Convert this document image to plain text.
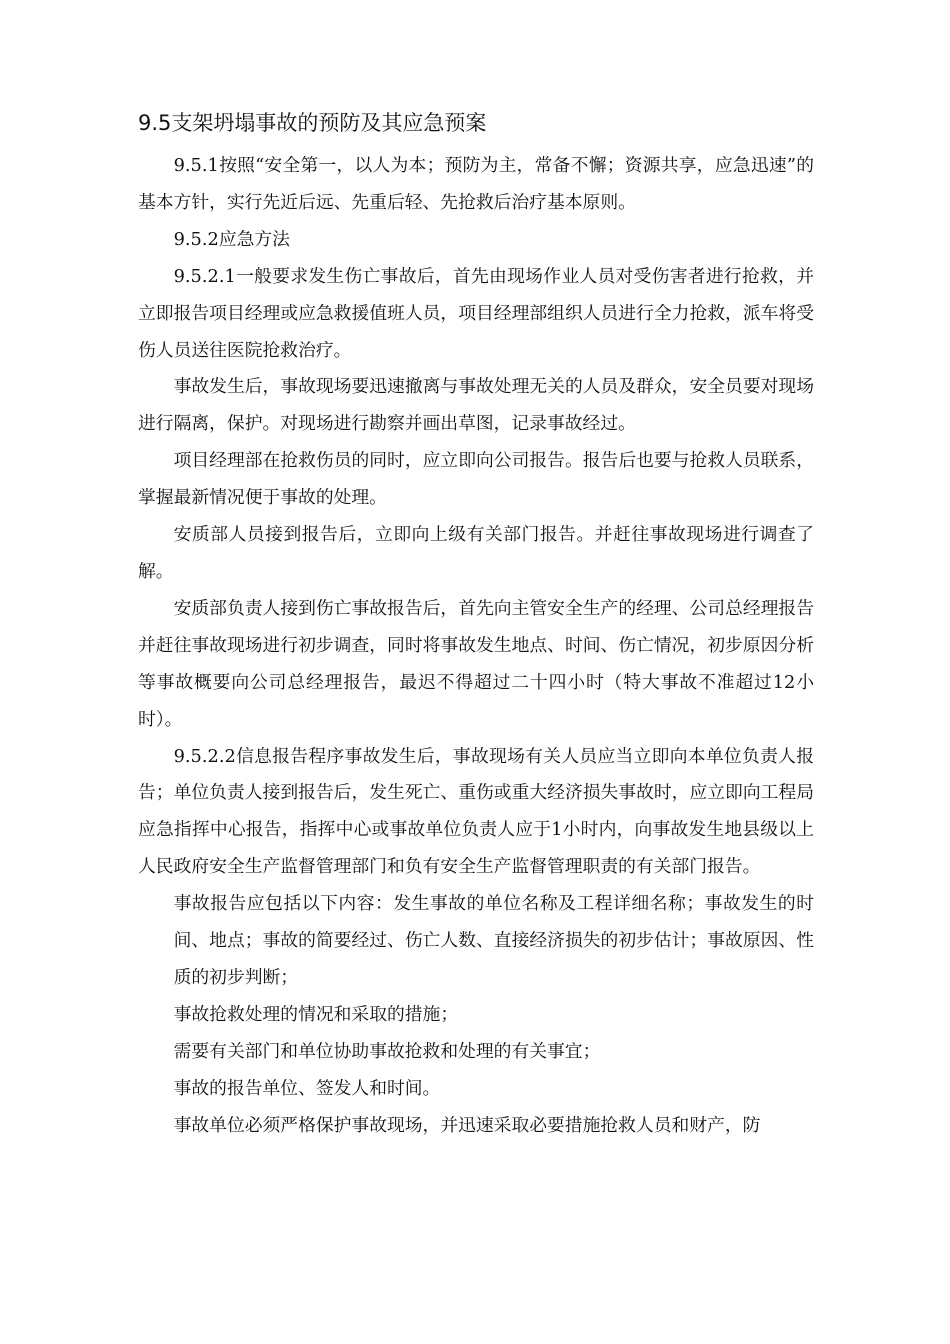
9.5支架坍塌事故的预防及其应急预案

9.5.1按照“安全第一，以人为本；预防为主，常备不懈；资源共享，应急迅速”的基本方针，实行先近后远、先重后轻、先抢救后治疗基本原则。

9.5.2应急方法

9.5.2.1一般要求发生伤亡事故后，首先由现场作业人员对受伤害者进行抢救，并立即报告项目经理或应急救援值班人员，项目经理部组织人员进行全力抢救，派车将受伤人员送往医院抢救治疗。

事故发生后，事故现场要迅速撤离与事故处理无关的人员及群众，安全员要对现场进行隔离，保护。对现场进行勘察并画出草图，记录事故经过。

项目经理部在抢救伤员的同时，应立即向公司报告。报告后也要与抢救人员联系，掌握最新情况便于事故的处理。

安质部人员接到报告后，立即向上级有关部门报告。并赶往事故现场进行调查了解。

安质部负责人接到伤亡事故报告后，首先向主管安全生产的经理、公司总经理报告并赶往事故现场进行初步调查，同时将事故发生地点、时间、伤亡情况，初步原因分析等事故概要向公司总经理报告，最迟不得超过二十四小时（特大事故不准超过12小时）。

9.5.2.2信息报告程序事故发生后，事故现场有关人员应当立即向本单位负责人报告；单位负责人接到报告后，发生死亡、重伤或重大经济损失事故时，应立即向工程局应急指挥中心报告，指挥中心或事故单位负责人应于1小时内，向事故发生地县级以上人民政府安全生产监督管理部门和负有安全生产监督管理职责的有关部门报告。

事故报告应包括以下内容：发生事故的单位名称及工程详细名称；事故发生的时间、地点；事故的简要经过、伤亡人数、直接经济损失的初步估计；事故原因、性质的初步判断；

事故抢救处理的情况和采取的措施；

需要有关部门和单位协助事故抢救和处理的有关事宜；

事故的报告单位、签发人和时间。

事故单位必须严格保护事故现场，并迅速采取必要措施抢救人员和财产，防
